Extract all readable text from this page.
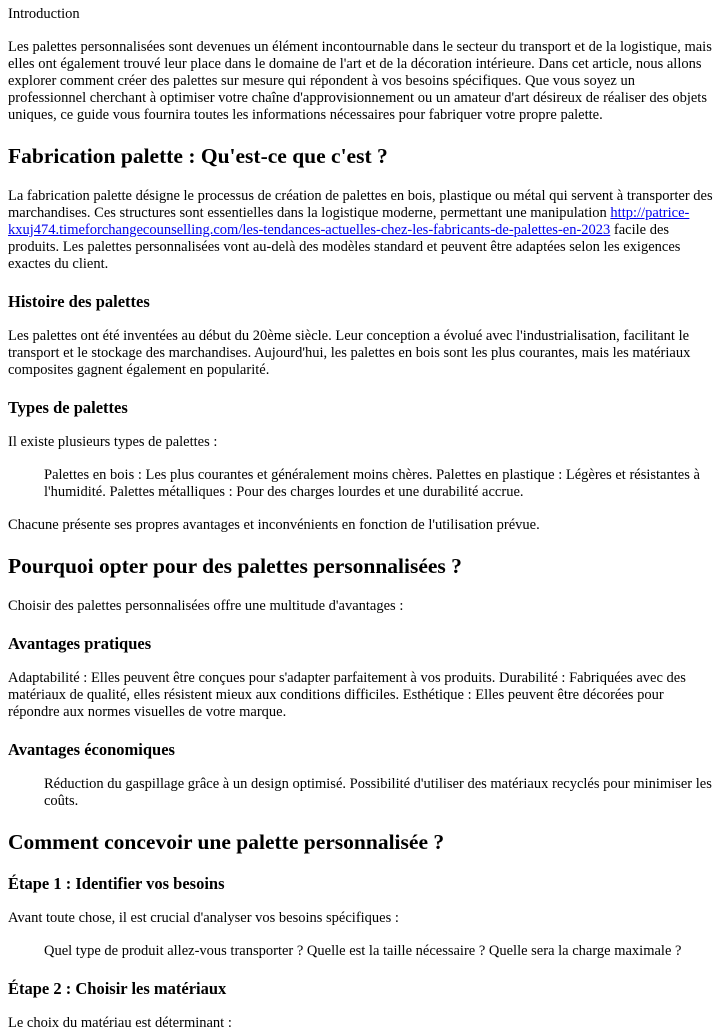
Introduction

Les palettes personnalisées sont devenues un élément incontournable dans le secteur du transport et de la logistique, mais elles ont également trouvé leur place dans le domaine de l'art et de la décoration intérieure. Dans cet article, nous allons explorer comment créer des palettes sur mesure qui répondent à vos besoins spécifiques. Que vous soyez un professionnel cherchant à optimiser votre chaîne d'approvisionnement ou un amateur d'art désireux de réaliser des objets uniques, ce guide vous fournira toutes les informations nécessaires pour fabriquer votre propre palette.

Fabrication palette : Qu'est-ce que c'est ?

La fabrication palette désigne le processus de création de palettes en bois, plastique ou métal qui servent à transporter des marchandises. Ces structures sont essentielles dans la logistique moderne, permettant une manipulation http://patrice-kxuj474.timeforchangecounselling.com/les-tendances-actuelles-chez-les-fabricants-de-palettes-en-2023 facile des produits. Les palettes personnalisées vont au-delà des modèles standard et peuvent être adaptées selon les exigences exactes du client.

Histoire des palettes

Les palettes ont été inventées au début du 20ème siècle. Leur conception a évolué avec l'industrialisation, facilitant le transport et le stockage des marchandises. Aujourd'hui, les palettes en bois sont les plus courantes, mais les matériaux composites gagnent également en popularité.

Types de palettes

Il existe plusieurs types de palettes :

Palettes en bois : Les plus courantes et généralement moins chères. Palettes en plastique : Légères et résistantes à l'humidité. Palettes métalliques : Pour des charges lourdes et une durabilité accrue.

Chacune présente ses propres avantages et inconvénients en fonction de l'utilisation prévue.

Pourquoi opter pour des palettes personnalisées ?

Choisir des palettes personnalisées offre une multitude d'avantages :

Avantages pratiques

Adaptabilité : Elles peuvent être conçues pour s'adapter parfaitement à vos produits. Durabilité : Fabriquées avec des matériaux de qualité, elles résistent mieux aux conditions difficiles. Esthétique : Elles peuvent être décorées pour répondre aux normes visuelles de votre marque.

Avantages économiques
Réduction du gaspillage grâce à un design optimisé. Possibilité d'utiliser des matériaux recyclés pour minimiser les coûts.
Comment concevoir une palette personnalisée ?
Étape 1 : Identifier vos besoins

Avant toute chose, il est crucial d'analyser vos besoins spécifiques :

Quel type de produit allez-vous transporter ? Quelle est la taille nécessaire ? Quelle sera la charge maximale ?
Étape 2 : Choisir les matériaux

Le choix du matériau est déterminant :
